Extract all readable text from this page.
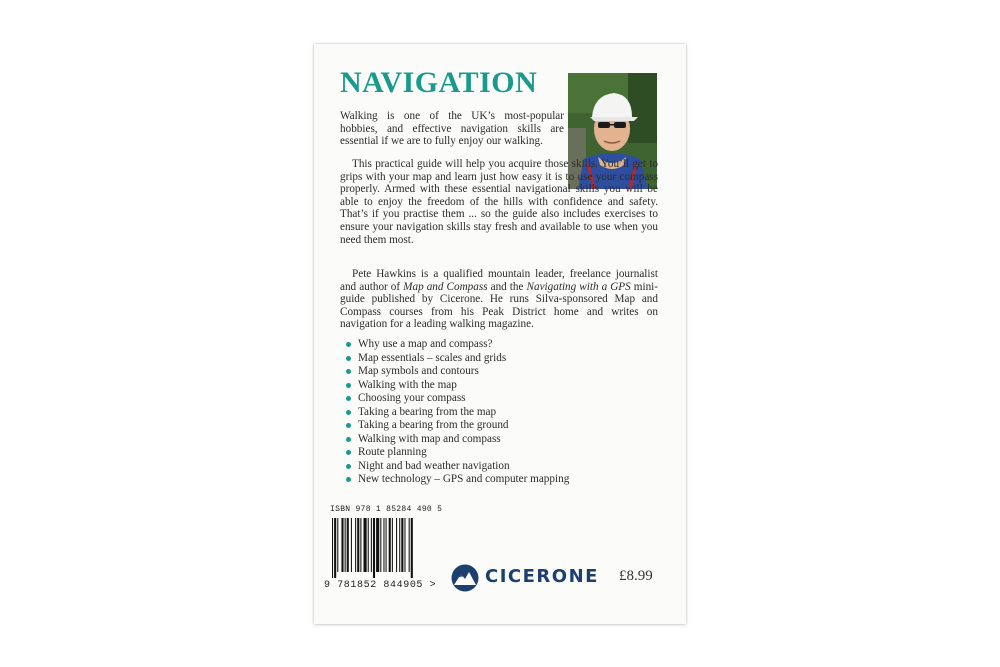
NAVIGATION

Walking is one of the UK’s most-popular hobbies, and effective navigation skills are essential if we are to fully enjoy our walking.

This practical guide will help you acquire those skills. You’ll get to grips with your map and learn just how easy it is to use your compass properly. Armed with these essential navigational skills you will be able to enjoy the freedom of the hills with confidence and safety. That’s if you practise them ... so the guide also includes exercises to ensure your navigation skills stay fresh and available to use when you need them most.

Pete Hawkins is a qualified mountain leader, freelance journalist and author of Map and Compass and the Navigating with a GPS mini-guide published by Cicerone. He runs Silva-sponsored Map and Compass courses from his Peak District home and writes on navigation for a leading walking magazine.

Why use a map and compass?
Map essentials – scales and grids
Map symbols and contours
Walking with the map
Choosing your compass
Taking a bearing from the map
Taking a bearing from the ground
Walking with map and compass
Route planning
Night and bad weather navigation
New technology – GPS and computer mapping
ISBN 978 1 85284 490 5
9 781852 844905 >	CICERONE £8.99
